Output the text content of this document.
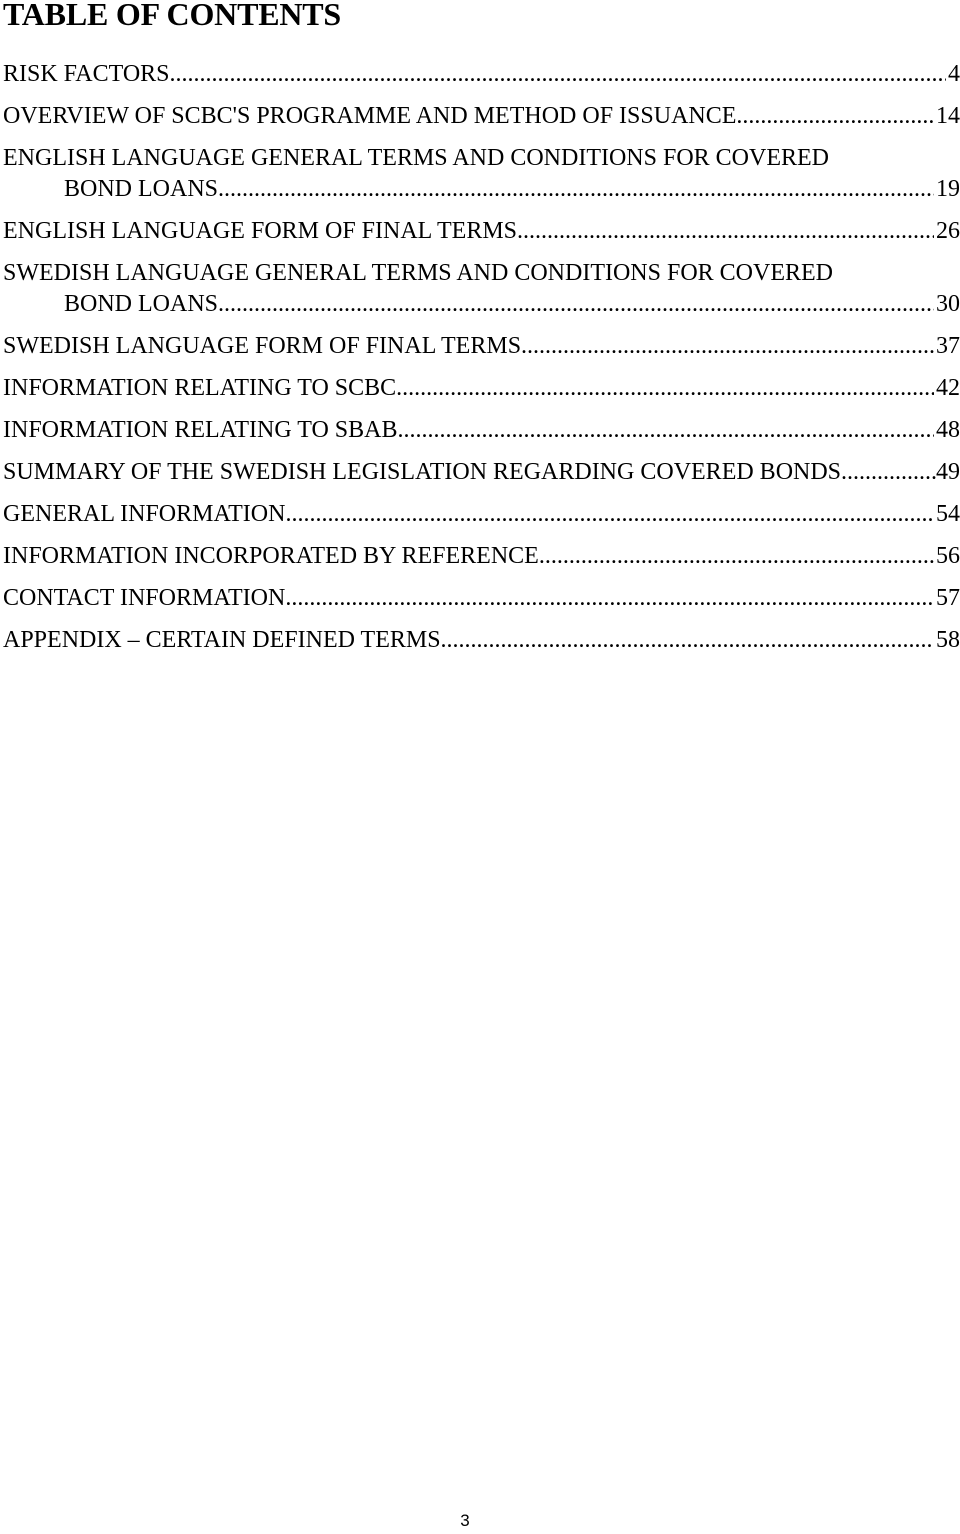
TABLE OF CONTENTS
RISK FACTORS .....	4
OVERVIEW OF SCBC'S PROGRAMME AND METHOD OF ISSUANCE .....	14
ENGLISH LANGUAGE GENERAL TERMS AND CONDITIONS FOR COVERED
BOND LOANS .....	19
ENGLISH LANGUAGE FORM OF FINAL TERMS .....	26
SWEDISH LANGUAGE GENERAL TERMS AND CONDITIONS FOR COVERED
BOND LOANS .....	30
SWEDISH LANGUAGE FORM OF FINAL TERMS .....	37
INFORMATION RELATING TO SCBC .....	42
INFORMATION RELATING TO SBAB .....	48
SUMMARY OF THE SWEDISH LEGISLATION REGARDING COVERED BONDS .....	49
GENERAL INFORMATION .....	54
INFORMATION INCORPORATED BY REFERENCE .....	56
CONTACT INFORMATION .....	57
APPENDIX – CERTAIN DEFINED TERMS .....	58
3
